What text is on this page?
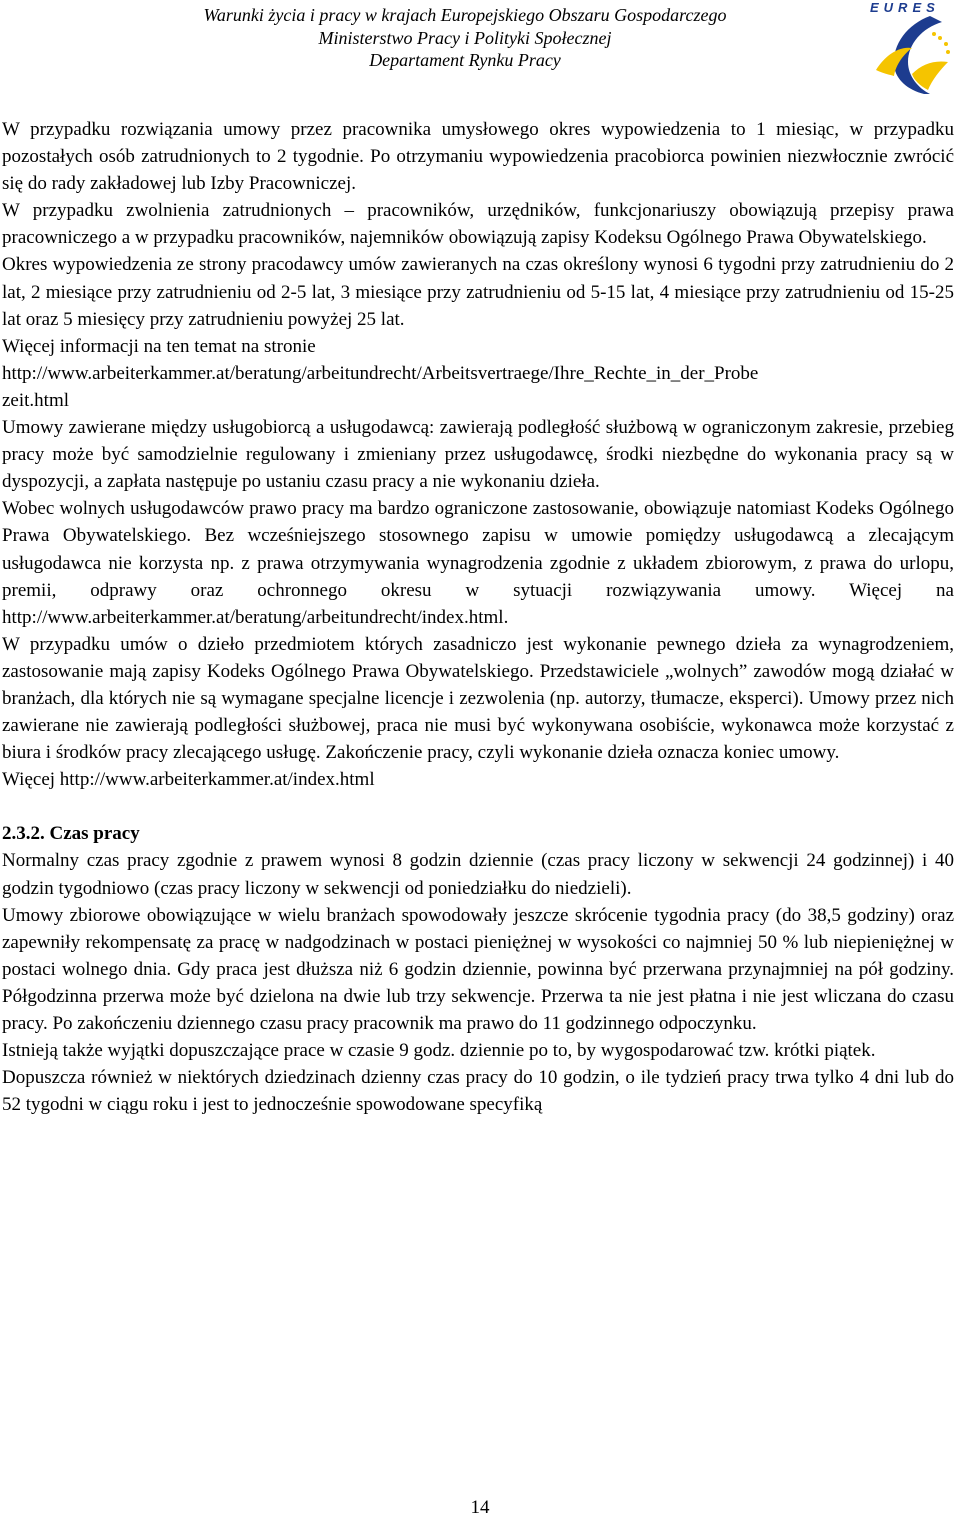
Warunki życia i pracy w krajach Europejskiego Obszaru Gospodarczego
Ministerstwo Pracy i Polityki Społecznej
Departament Rynku Pracy
EURES

W przypadku rozwiązania umowy przez pracownika umysłowego okres wypowiedzenia to 1 miesiąc, w przypadku pozostałych osób zatrudnionych to 2 tygodnie. Po otrzymaniu wypowiedzenia pracobiorca powinien niezwłocznie zwrócić się do rady zakładowej lub Izby Pracowniczej.

W przypadku zwolnienia zatrudnionych – pracowników, urzędników, funkcjonariuszy obowiązują przepisy prawa pracowniczego a w przypadku pracowników, najemników obowiązują zapisy Kodeksu Ogólnego Prawa Obywatelskiego.

Okres wypowiedzenia ze strony pracodawcy umów zawieranych na czas określony wynosi 6 tygodni przy zatrudnieniu do 2 lat, 2 miesiące przy zatrudnieniu od 2-5 lat, 3 miesiące przy zatrudnieniu od 5-15 lat, 4 miesiące przy zatrudnieniu od 15-25 lat oraz 5 miesięcy przy zatrudnieniu powyżej 25 lat.

Więcej informacji na ten temat na stronie

http://www.arbeiterkammer.at/beratung/arbeitundrecht/Arbeitsvertraege/Ihre_Rechte_in_der_Probe

zeit.html

Umowy zawierane między usługobiorcą a usługodawcą: zawierają podległość służbową w ograniczonym zakresie, przebieg pracy może być samodzielnie regulowany i zmieniany przez usługodawcę, środki niezbędne do wykonania pracy są w dyspozycji, a zapłata następuje po ustaniu czasu pracy a nie wykonaniu dzieła.

Wobec wolnych usługodawców prawo pracy ma bardzo ograniczone zastosowanie, obowiązuje natomiast Kodeks Ogólnego Prawa Obywatelskiego. Bez wcześniejszego stosownego zapisu w umowie pomiędzy usługodawcą a zlecającym usługodawca nie korzysta np. z prawa otrzymywania wynagrodzenia zgodnie z układem zbiorowym, z prawa do urlopu, premii, odprawy oraz ochronnego okresu w sytuacji rozwiązywania umowy. Więcej na http://www.arbeiterkammer.at/beratung/arbeitundrecht/index.html.

W przypadku umów o dzieło przedmiotem których zasadniczo jest wykonanie pewnego dzieła za wynagrodzeniem, zastosowanie mają zapisy Kodeks Ogólnego Prawa Obywatelskiego. Przedstawiciele „wolnych” zawodów mogą działać w branżach, dla których nie są wymagane specjalne licencje i zezwolenia (np. autorzy, tłumacze, eksperci). Umowy przez nich zawierane nie zawierają podległości służbowej, praca nie musi być wykonywana osobiście, wykonawca może korzystać z biura i środków pracy zlecającego usługę. Zakończenie pracy, czyli wykonanie dzieła oznacza koniec umowy.

Więcej http://www.arbeiterkammer.at/index.html

2.3.2. Czas pracy

Normalny czas pracy zgodnie z prawem wynosi 8 godzin dziennie (czas pracy liczony w sekwencji 24 godzinnej) i 40 godzin tygodniowo (czas pracy liczony w sekwencji od poniedziałku do niedzieli).

Umowy zbiorowe obowiązujące w wielu branżach spowodowały jeszcze skrócenie tygodnia pracy (do 38,5 godziny) oraz zapewniły rekompensatę za pracę w nadgodzinach w postaci pieniężnej w wysokości co najmniej 50 % lub niepieniężnej w postaci wolnego dnia. Gdy praca jest dłuższa niż 6 godzin dziennie, powinna być przerwana przynajmniej na pół godziny. Półgodzinna przerwa może być dzielona na dwie lub trzy sekwencje. Przerwa ta nie jest płatna i nie jest wliczana do czasu pracy. Po zakończeniu dziennego czasu pracy pracownik ma prawo do 11 godzinnego odpoczynku.

Istnieją także wyjątki dopuszczające prace w czasie 9 godz. dziennie po to, by wygospodarować tzw. krótki piątek.

Dopuszcza również w niektórych dziedzinach dzienny czas pracy do 10 godzin, o ile tydzień pracy trwa tylko 4 dni lub do 52 tygodni w ciągu roku i jest to jednocześnie spowodowane specyfiką

14
